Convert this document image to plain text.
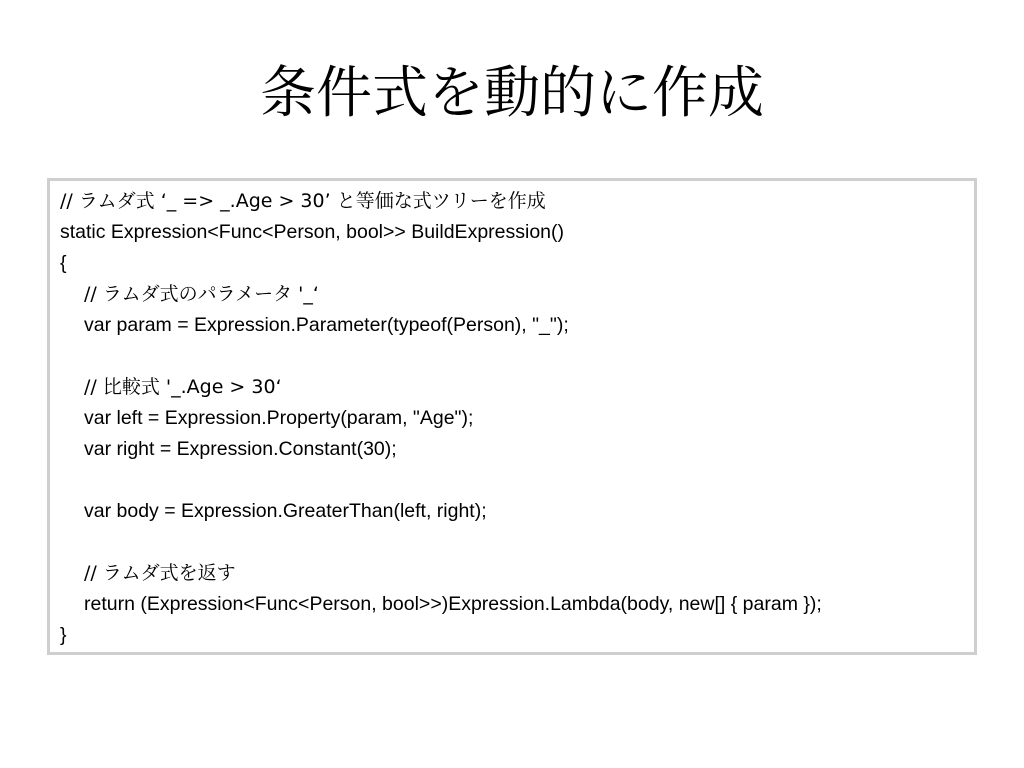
条件式を動的に作成
// ラムダ式 ‘_ => _.Age > 30’ と等価な式ツリーを作成
static Expression<Func<Person, bool>> BuildExpression()
{
// ラムダ式のパラメータ '_‘
var param = Expression.Parameter(typeof(Person), "_");
// 比較式 '_.Age > 30‘
var left = Expression.Property(param, "Age");
var right = Expression.Constant(30);
var body = Expression.GreaterThan(left, right);
// ラムダ式を返す
return (Expression<Func<Person, bool>>)Expression.Lambda(body, new[] { param });
}
